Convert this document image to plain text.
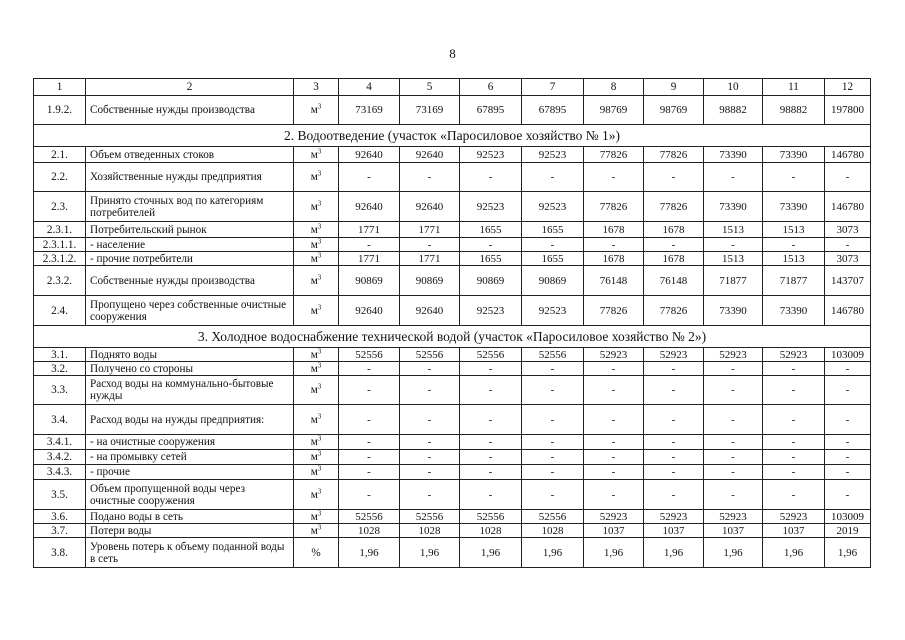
8
1	2	3	4	5	6	7	8	9	10	11	12
1.9.2.	Собственные нужды производства	$м^3$	73169	73169	67895	67895	98769	98769	98882	98882	197800
2. Водоотведение (участок «Паросиловое хозяйство № 1»)											
2.1.	Объем отведенных стоков	$м^3$	92640	92640	92523	92523	77826	77826	73390	73390	146780
2.2.	Хозяйственные нужды предприятия	$м^3$	-	-	-	-	-	-	-	-	-
2.3.	Принято сточных вод по категориям потребителей	$м^3$	92640	92640	92523	92523	77826	77826	73390	73390	146780
2.3.1.	Потребительский рынок	$м^3$	1771	1771	1655	1655	1678	1678	1513	1513	3073
2.3.1.1.	- население	$м^3$	-	-	-	-	-	-	-	-	-
2.3.1.2.	- прочие потребители	$м^3$	1771	1771	1655	1655	1678	1678	1513	1513	3073
2.3.2.	Собственные нужды производства	$м^3$	90869	90869	90869	90869	76148	76148	71877	71877	143707
2.4.	Пропущено через собственные очистные сооружения	$м^3$	92640	92640	92523	92523	77826	77826	73390	73390	146780
3. Холодное водоснабжение технической водой (участок «Паросиловое хозяйство № 2»)											
3.1.	Поднято воды	$м^3$	52556	52556	52556	52556	52923	52923	52923	52923	103009
3.2.	Получено со стороны	$м^3$	-	-	-	-	-	-	-	-	-
3.3.	Расход воды на коммунально-бытовые нужды	$м^3$	-	-	-	-	-	-	-	-	-
3.4.	Расход воды на нужды предприятия:	$м^3$	-	-	-	-	-	-	-	-	-
3.4.1.	- на очистные сооружения	$м^3$	-	-	-	-	-	-	-	-	-
3.4.2.	- на промывку сетей	$м^3$	-	-	-	-	-	-	-	-	-
3.4.3.	- прочие	$м^3$	-	-	-	-	-	-	-	-	-
3.5.	Объем пропущенной воды через очистные сооружения	$м^3$	-	-	-	-	-	-	-	-	-
3.6.	Подано воды в сеть	$м^3$	52556	52556	52556	52556	52923	52923	52923	52923	103009
3.7.	Потери воды	$м^3$	1028	1028	1028	1028	1037	1037	1037	1037	2019
3.8.	Уровень потерь к объему поданной воды в сеть	%	1,96	1,96	1,96	1,96	1,96	1,96	1,96	1,96	1,96
